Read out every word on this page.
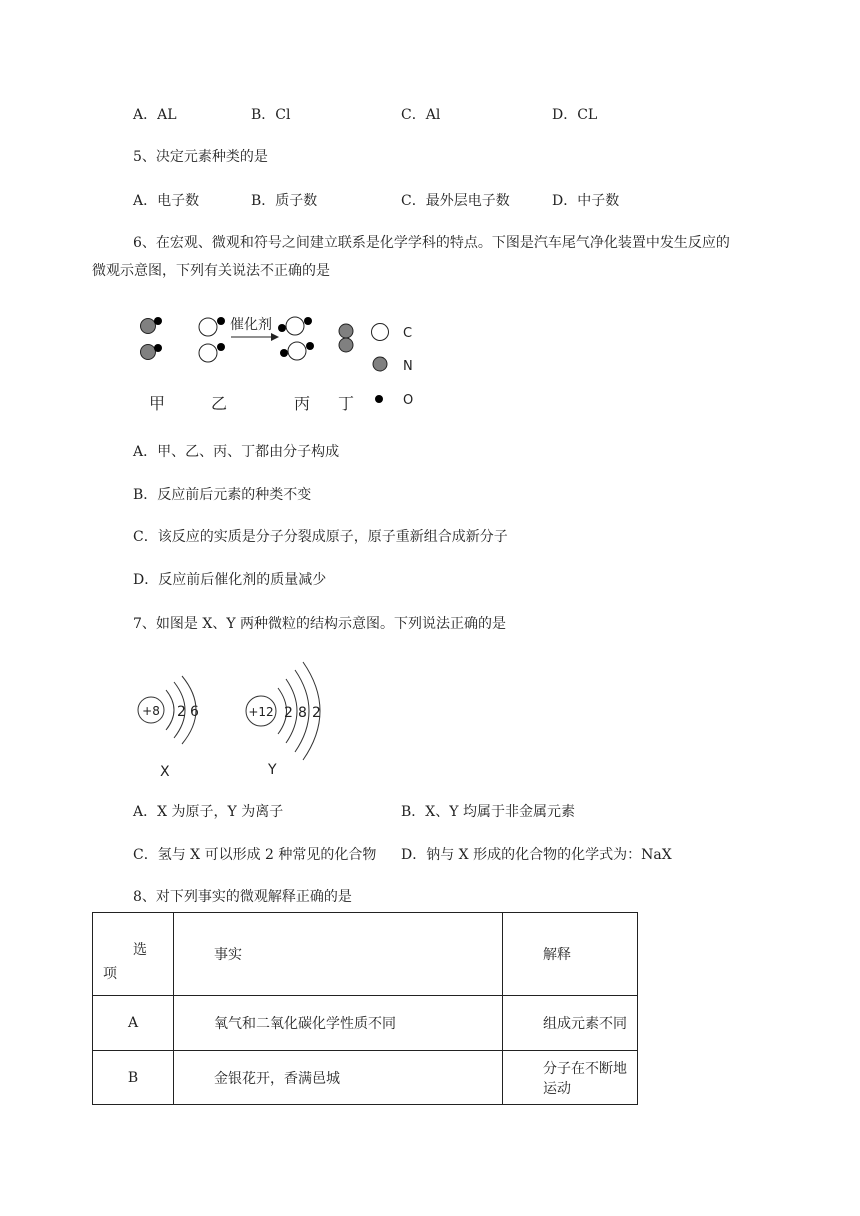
A．AL	B．Cl	C．Al	D．CL
5、决定元素种类的是
A．电子数	B．质子数	C．最外层电子数	D．中子数
6、在宏观、微观和符号之间建立联系是化学学科的特点。下图是汽车尾气净化装置中发生反应的
微观示意图，下列有关说法不正确的是
催化剂
C
N
O
甲	乙	丙 丁
A．甲、乙、丙、丁都由分子构成
B．反应前后元素的种类不变
C．该反应的实质是分子分裂成原子，原子重新组合成新分子
D．反应前后催化剂的质量减少
7、如图是 X、Y 两种微粒的结构示意图。下列说法正确的是
+8 2 6
X
+12 2 8 2
Y
A．X 为原子，Y 为离子	B．X、Y 均属于非金属元素
C．氢与 X 可以形成 2 种常见的化合物 D．钠与 X 形成的化合物的化学式为：NaX
8、对下列事实的微观解释正确的是
选
项	事实	解释
A	氧气和二氧化碳化学性质不同	组成元素不同
B	金银花开，香满邑城	分子在不断地运动
